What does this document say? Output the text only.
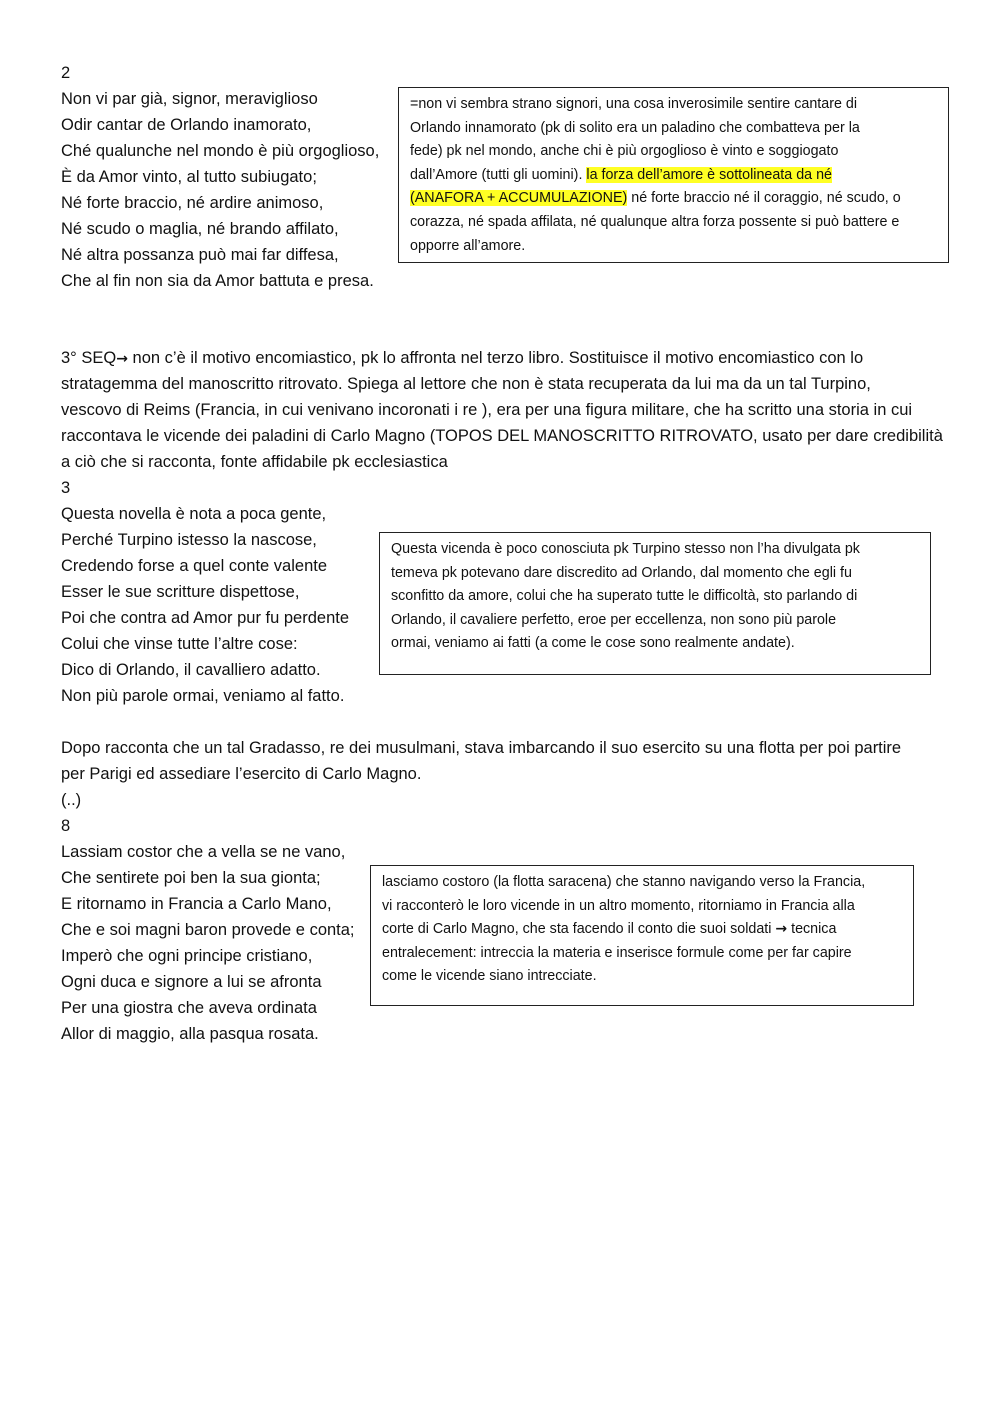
2
Non vi par già, signor, meraviglioso
Odir cantar de Orlando inamorato,
Ché qualunche nel mondo è più orgoglioso,
È da Amor vinto, al tutto subiugato;
Né forte braccio, né ardire animoso,
Né scudo o maglia, né brando affilato,
Né altra possanza può mai far diffesa,
Che al fin non sia da Amor battuta e presa.
=non vi sembra strano signori, una cosa inverosimile sentire cantare di
Orlando innamorato (pk di solito era un paladino che combatteva per la
fede) pk nel mondo, anche chi è più orgoglioso è vinto e soggiogato
dall’Amore (tutti gli uomini). la forza dell’amore è sottolineata da né
(ANAFORA + ACCUMULAZIONE) né forte braccio né il coraggio, né scudo, o
corazza, né spada affilata, né qualunque altra forza possente si può battere e
opporre all’amore.
3° SEQ→ non c’è il motivo encomiastico, pk lo affronta nel terzo libro. Sostituisce il motivo encomiastico con lo
stratagemma del manoscritto ritrovato. Spiega al lettore che non è stata recuperata da lui ma da un tal Turpino,
vescovo di Reims (Francia, in cui venivano incoronati i re ), era per una figura militare, che ha scritto una storia in cui
raccontava le vicende dei paladini di Carlo Magno (TOPOS DEL MANOSCRITTO RITROVATO, usato per dare credibilità
a ciò che si racconta, fonte affidabile pk ecclesiastica
3
Questa novella è nota a poca gente,
Perché Turpino istesso la nascose,
Credendo forse a quel conte valente
Esser le sue scritture dispettose,
Poi che contra ad Amor pur fu perdente
Colui che vinse tutte l’altre cose:
Dico di Orlando, il cavalliero adatto.
Non più parole ormai, veniamo al fatto.
Questa vicenda è poco conosciuta pk Turpino stesso non l’ha divulgata pk
temeva pk potevano dare discredito ad Orlando, dal momento che egli fu
sconfitto da amore, colui che ha superato tutte le difficoltà, sto parlando di
Orlando, il cavaliere perfetto, eroe per eccellenza, non sono più parole
ormai, veniamo ai fatti (a come le cose sono realmente andate).
Dopo racconta che un tal Gradasso, re dei musulmani, stava imbarcando il suo esercito su una flotta per poi partire
per Parigi ed assediare l’esercito di Carlo Magno.
(..)
8
Lassiam costor che a vella se ne vano,
Che sentirete poi ben la sua gionta;
E ritornamo in Francia a Carlo Mano,
Che e soi magni baron provede e conta;
Imperò che ogni principe cristiano,
Ogni duca e signore a lui se afronta
Per una giostra che aveva ordinata
Allor di maggio, alla pasqua rosata.
lasciamo costoro (la flotta saracena) che stanno navigando verso la Francia,
vi racconterò le loro vicende in un altro momento, ritorniamo in Francia alla
corte di Carlo Magno, che sta facendo il conto die suoi soldati → tecnica
entralecement: intreccia la materia e inserisce formule come per far capire
come le vicende siano intrecciate.
